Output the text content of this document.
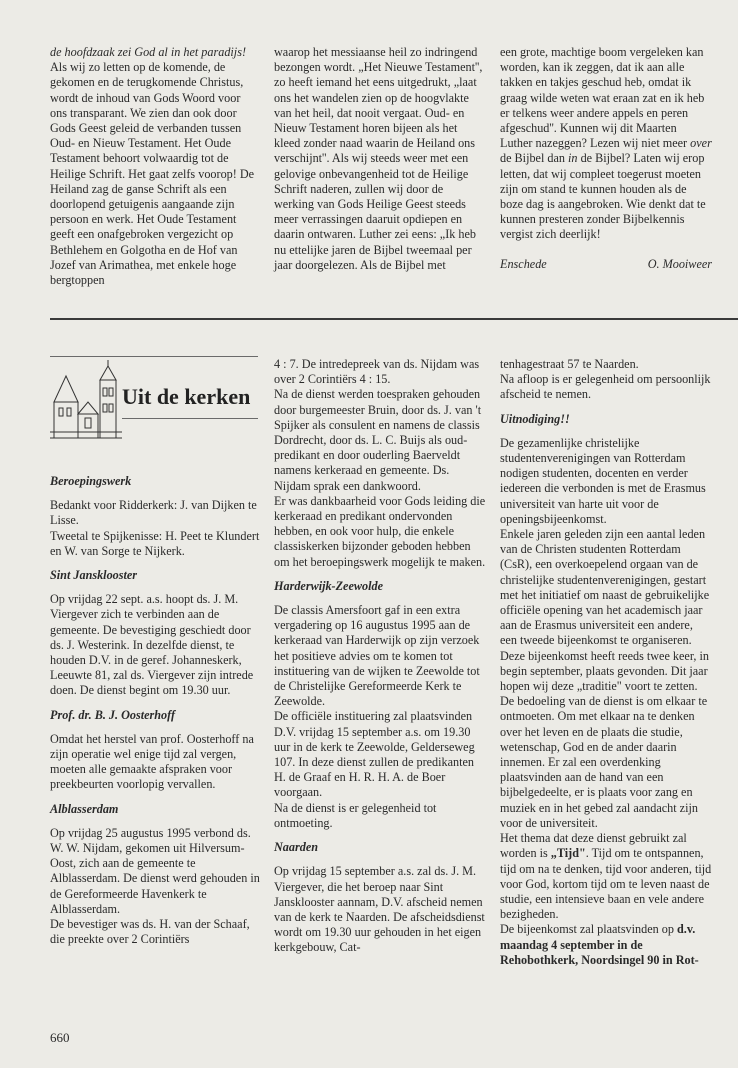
de hoofdzaak zei God al in het paradijs! Als wij zo letten op de komende, de gekomen en de terugkomende Christus, wordt de inhoud van Gods Woord voor ons transparant. We zien dan ook door Gods Geest geleid de verbanden tussen Oud- en Nieuw Testament. Het Oude Testament behoort volwaardig tot de Heilige Schrift. Het gaat zelfs voorop! De Heiland zag de ganse Schrift als een doorlopend getuigenis aangaande zijn persoon en werk. Het Oude Testament geeft een onafgebroken vergezicht op Bethlehem en Golgotha en de Hof van Jozef van Arimathea, met enkele hoge bergtoppen

waarop het messiaanse heil zo indringend bezongen wordt. „Het Nieuwe Testament'', zo heeft iemand het eens uitgedrukt, „laat ons het wandelen zien op de hoogvlakte van het heil, dat nooit vergaat. Oud- en Nieuw Testament horen bijeen als het kleed zonder naad waarin de Heiland ons verschijnt''. Als wij steeds weer met een gelovige onbevangenheid tot de Heilige Schrift naderen, zullen wij door de werking van Gods Heilige Geest steeds meer verrassingen daaruit opdiepen en daarin ontwaren. Luther zei eens: „Ik heb nu ettelijke jaren de Bijbel tweemaal per jaar doorgelezen. Als de Bijbel met

een grote, machtige boom vergeleken kan worden, kan ik zeggen, dat ik aan alle takken en takjes geschud heb, omdat ik graag wilde weten wat eraan zat en ik heb er telkens weer andere appels en peren afgeschud''. Kunnen wij dit Maarten Luther nazeggen? Lezen wij niet meer over de Bijbel dan in de Bijbel? Laten wij erop letten, dat wij compleet toegerust moeten zijn om stand te kunnen houden als de boze dag is aangebroken. Wie denkt dat te kunnen presteren zonder Bijbelkennis vergist zich deerlijk!

Enschede	O. Mooiweer
Uit de kerken

Beroepingswerk

Bedankt voor Ridderkerk: J. van Dijken te Lisse.

Tweetal te Spijkenisse: H. Peet te Klundert en W. van Sorge te Nijkerk.

Sint Jansklooster

Op vrijdag 22 sept. a.s. hoopt ds. J. M. Viergever zich te verbinden aan de gemeente. De bevestiging geschiedt door ds. J. Westerink. In dezelfde dienst, te houden D.V. in de geref. Johanneskerk, Leeuwte 81, zal ds. Viergever zijn intrede doen. De dienst begint om 19.30 uur.

Prof. dr. B. J. Oosterhoff

Omdat het herstel van prof. Oosterhoff na zijn operatie wel enige tijd zal vergen, moeten alle gemaakte afspraken voor preekbeurten voorlopig vervallen.

Alblasserdam

Op vrijdag 25 augustus 1995 verbond ds. W. W. Nijdam, gekomen uit Hilversum-Oost, zich aan de gemeente te Alblasserdam. De dienst werd gehouden in de Gereformeerde Havenkerk te Alblasserdam.

De bevestiger was ds. H. van der Schaaf, die preekte over 2 Corintiërs

4 : 7. De intredepreek van ds. Nijdam was over 2 Corintiërs 4 : 15.

Na de dienst werden toespraken gehouden door burgemeester Bruin, door ds. J. van 't Spijker als consulent en namens de classis Dordrecht, door ds. L. C. Buijs als oud-predikant en door ouderling Baerveldt namens kerkeraad en gemeente. Ds. Nijdam sprak een dankwoord.

Er was dankbaarheid voor Gods leiding die kerkeraad en predikant ondervonden hebben, en ook voor hulp, die enkele classiskerken bijzonder geboden hebben om het beroepingswerk mogelijk te maken.

Harderwijk-Zeewolde

De classis Amersfoort gaf in een extra vergadering op 16 augustus 1995 aan de kerkeraad van Harderwijk op zijn verzoek het positieve advies om te komen tot instituering van de wijken te Zeewolde tot de Christelijke Gereformeerde Kerk te Zeewolde.

De officiële instituering zal plaatsvinden D.V. vrijdag 15 september a.s. om 19.30 uur in de kerk te Zeewolde, Gelderseweg 107. In deze dienst zullen de predikanten H. de Graaf en H. R. H. A. de Boer voorgaan.

Na de dienst is er gelegenheid tot ontmoeting.

Naarden

Op vrijdag 15 september a.s. zal ds. J. M. Viergever, die het beroep naar Sint Jansklooster aannam, D.V. afscheid nemen van de kerk te Naarden. De afscheidsdienst wordt om 19.30 uur gehouden in het eigen kerkgebouw, Cat-

tenhagestraat 57 te Naarden.

Na afloop is er gelegenheid om persoonlijk afscheid te nemen.

Uitnodiging!!

De gezamenlijke christelijke studentenverenigingen van Rotterdam nodigen studenten, docenten en verder iedereen die verbonden is met de Erasmus universiteit van harte uit voor de openingsbijeenkomst.

Enkele jaren geleden zijn een aantal leden van de Christen studenten Rotterdam (CsR), een overkoepelend orgaan van de christelijke studentenverenigingen, gestart met het initiatief om naast de gebruikelijke officiële opening van het academisch jaar aan de Erasmus universiteit een andere, een tweede bijeenkomst te organiseren. Deze bijeenkomst heeft reeds twee keer, in begin september, plaats gevonden. Dit jaar hopen wij deze „traditie" voort te zetten.

De bedoeling van de dienst is om elkaar te ontmoeten. Om met elkaar na te denken over het leven en de plaats die studie, wetenschap, God en de ander daarin innemen. Er zal een overdenking plaatsvinden aan de hand van een bijbelgedeelte, er is plaats voor zang en muziek en in het gebed zal aandacht zijn voor de universiteit.

Het thema dat deze dienst gebruikt zal worden is „Tijd". Tijd om te ontspannen, tijd om na te denken, tijd voor anderen, tijd voor God, kortom tijd om te leven naast de studie, een intensieve baan en vele andere bezigheden.

De bijeenkomst zal plaatsvinden op d.v. maandag 4 september in de Rehobothkerk, Noordsingel 90 in Rot-

660
